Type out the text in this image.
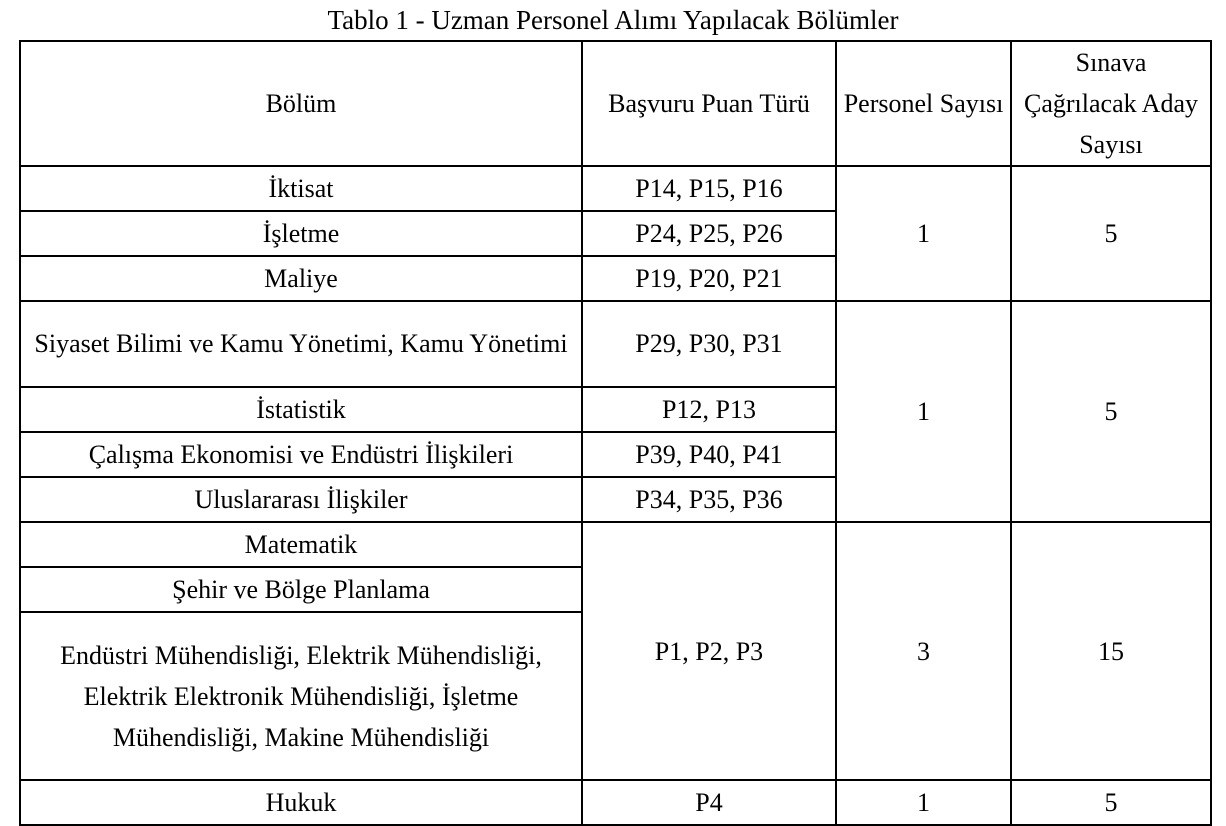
Tablo 1 - Uzman Personel Alımı Yapılacak Bölümler
Bölüm	Başvuru Puan Türü	Personel Sayısı	Sınava Çağrılacak Aday Sayısı
İktisat	P14, P15, P16	1	5
İşletme	P24, P25, P26		
Maliye	P19, P20, P21		
Siyaset Bilimi ve Kamu Yönetimi, Kamu Yönetimi	P29, P30, P31	1	5
İstatistik	P12, P13		
Çalışma Ekonomisi ve Endüstri İlişkileri	P39, P40, P41		
Uluslararası İlişkiler	P34, P35, P36		
Matematik	P1, P2, P3	3	15
Şehir ve Bölge Planlama			
Endüstri Mühendisliği, Elektrik Mühendisliği, Elektrik Elektronik Mühendisliği, İşletme Mühendisliği, Makine Mühendisliği			
Hukuk	P4	1	5
